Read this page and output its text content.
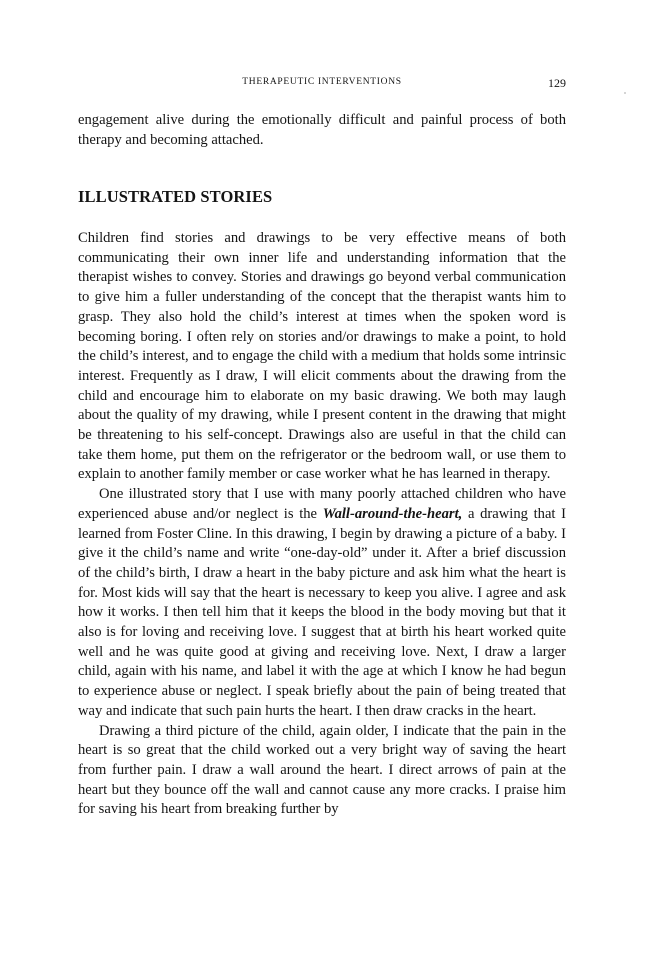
THERAPEUTIC INTERVENTIONS	129

engagement alive during the emotionally difficult and painful process of both therapy and becoming attached.

ILLUSTRATED STORIES

Children find stories and drawings to be very effective means of both communicating their own inner life and understanding information that the therapist wishes to convey. Stories and drawings go beyond verbal communication to give him a fuller understanding of the concept that the therapist wants him to grasp. They also hold the child’s interest at times when the spoken word is becoming boring. I often rely on stories and/or drawings to make a point, to hold the child’s interest, and to engage the child with a medium that holds some intrinsic interest. Frequently as I draw, I will elicit comments about the drawing from the child and encourage him to elaborate on my basic drawing. We both may laugh about the quality of my drawing, while I present content in the drawing that might be threatening to his self-concept. Drawings also are useful in that the child can take them home, put them on the refrigerator or the bedroom wall, or use them to explain to another family member or case worker what he has learned in therapy.

One illustrated story that I use with many poorly attached children who have experienced abuse and/or neglect is the Wall-around-the-heart, a drawing that I learned from Foster Cline. In this drawing, I begin by drawing a picture of a baby. I give it the child’s name and write “one-day-old” under it. After a brief discussion of the child’s birth, I draw a heart in the baby picture and ask him what the heart is for. Most kids will say that the heart is necessary to keep you alive. I agree and ask how it works. I then tell him that it keeps the blood in the body moving but that it also is for loving and receiving love. I suggest that at birth his heart worked quite well and he was quite good at giving and receiving love. Next, I draw a larger child, again with his name, and label it with the age at which I know he had begun to experience abuse or neglect. I speak briefly about the pain of being treated that way and indicate that such pain hurts the heart. I then draw cracks in the heart.

Drawing a third picture of the child, again older, I indicate that the pain in the heart is so great that the child worked out a very bright way of saving the heart from further pain. I draw a wall around the heart. I direct arrows of pain at the heart but they bounce off the wall and cannot cause any more cracks. I praise him for saving his heart from breaking further by
